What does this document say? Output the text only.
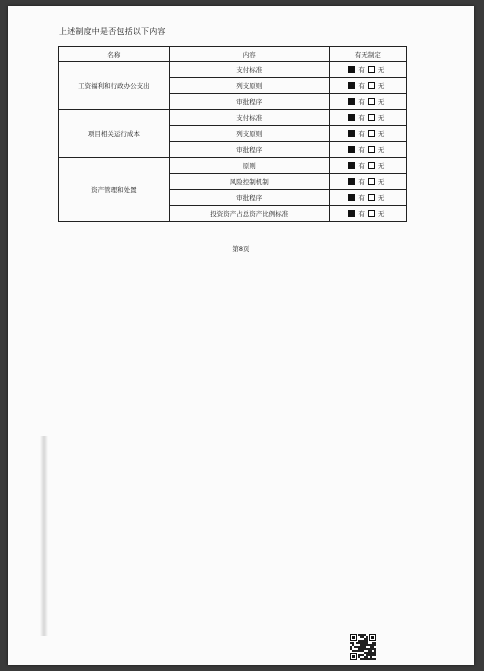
上述制度中是否包括以下内容
名称	内容	有无制定
工资福利和行政办公支出	支付标准	有 无
	列支原则	有 无
	审批程序	有 无
项目相关运行成本	支付标准	有 无
	列支原则	有 无
	审批程序	有 无
资产管理和处置	原则	有 无
	风险控制机制	有 无
	审批程序	有 无
	投资资产占总资产比例标准	有 无
第8页
